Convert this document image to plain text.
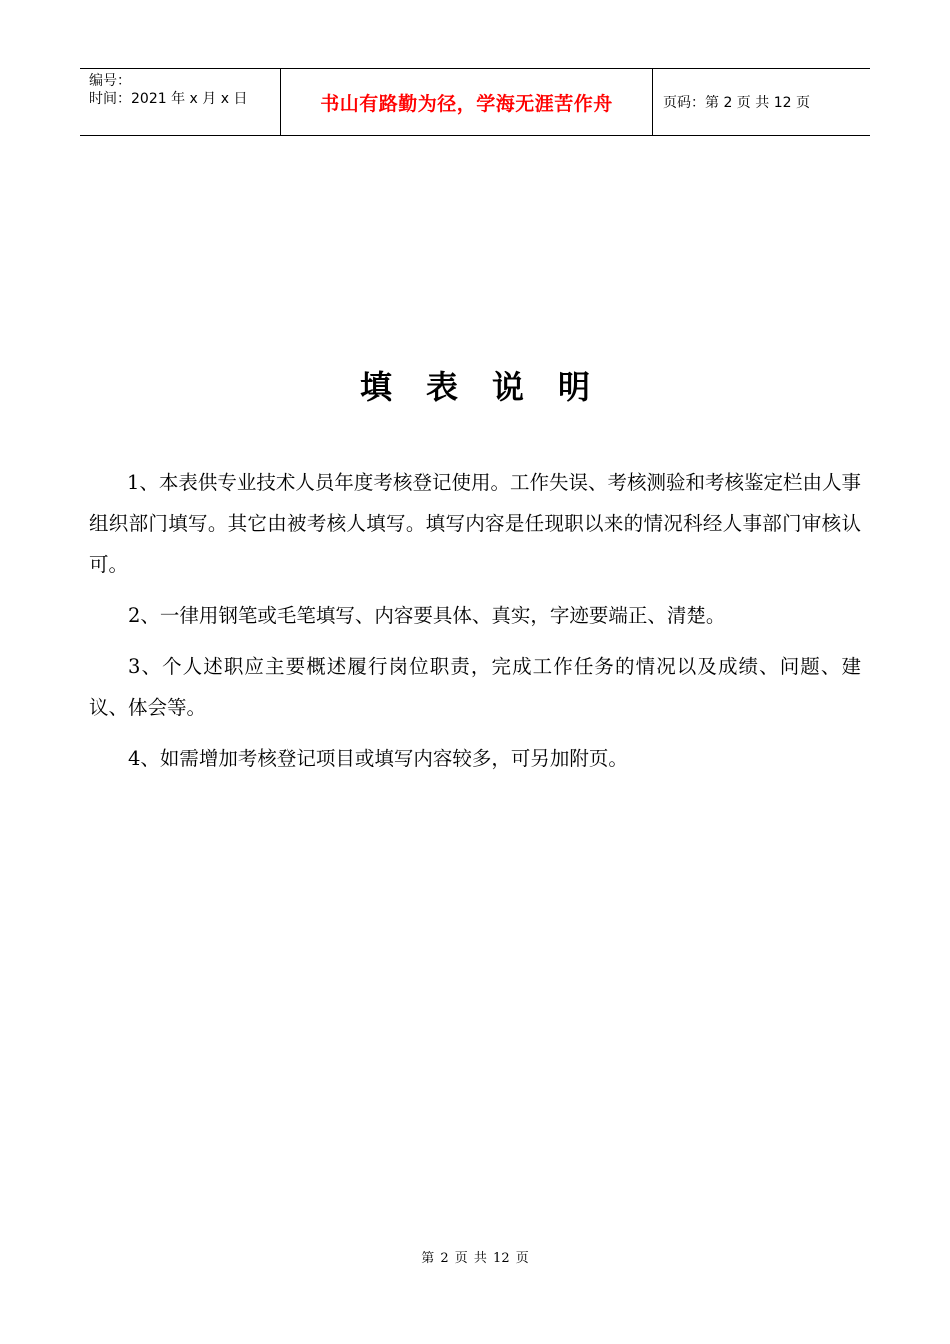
编号：
时间：2021 年 x 月 x 日	书山有路勤为径，学海无涯苦作舟	页码：第 2 页 共 12 页
填表说明

1、本表供专业技术人员年度考核登记使用。工作失误、考核测验和考核鉴定栏由人事组织部门填写。其它由被考核人填写。填写内容是任现职以来的情况科经人事部门审核认可。

2、一律用钢笔或毛笔填写、内容要具体、真实，字迹要端正、清楚。

3、个人述职应主要概述履行岗位职责，完成工作任务的情况以及成绩、问题、建议、体会等。

4、如需增加考核登记项目或填写内容较多，可另加附页。

第 2 页 共 12 页
